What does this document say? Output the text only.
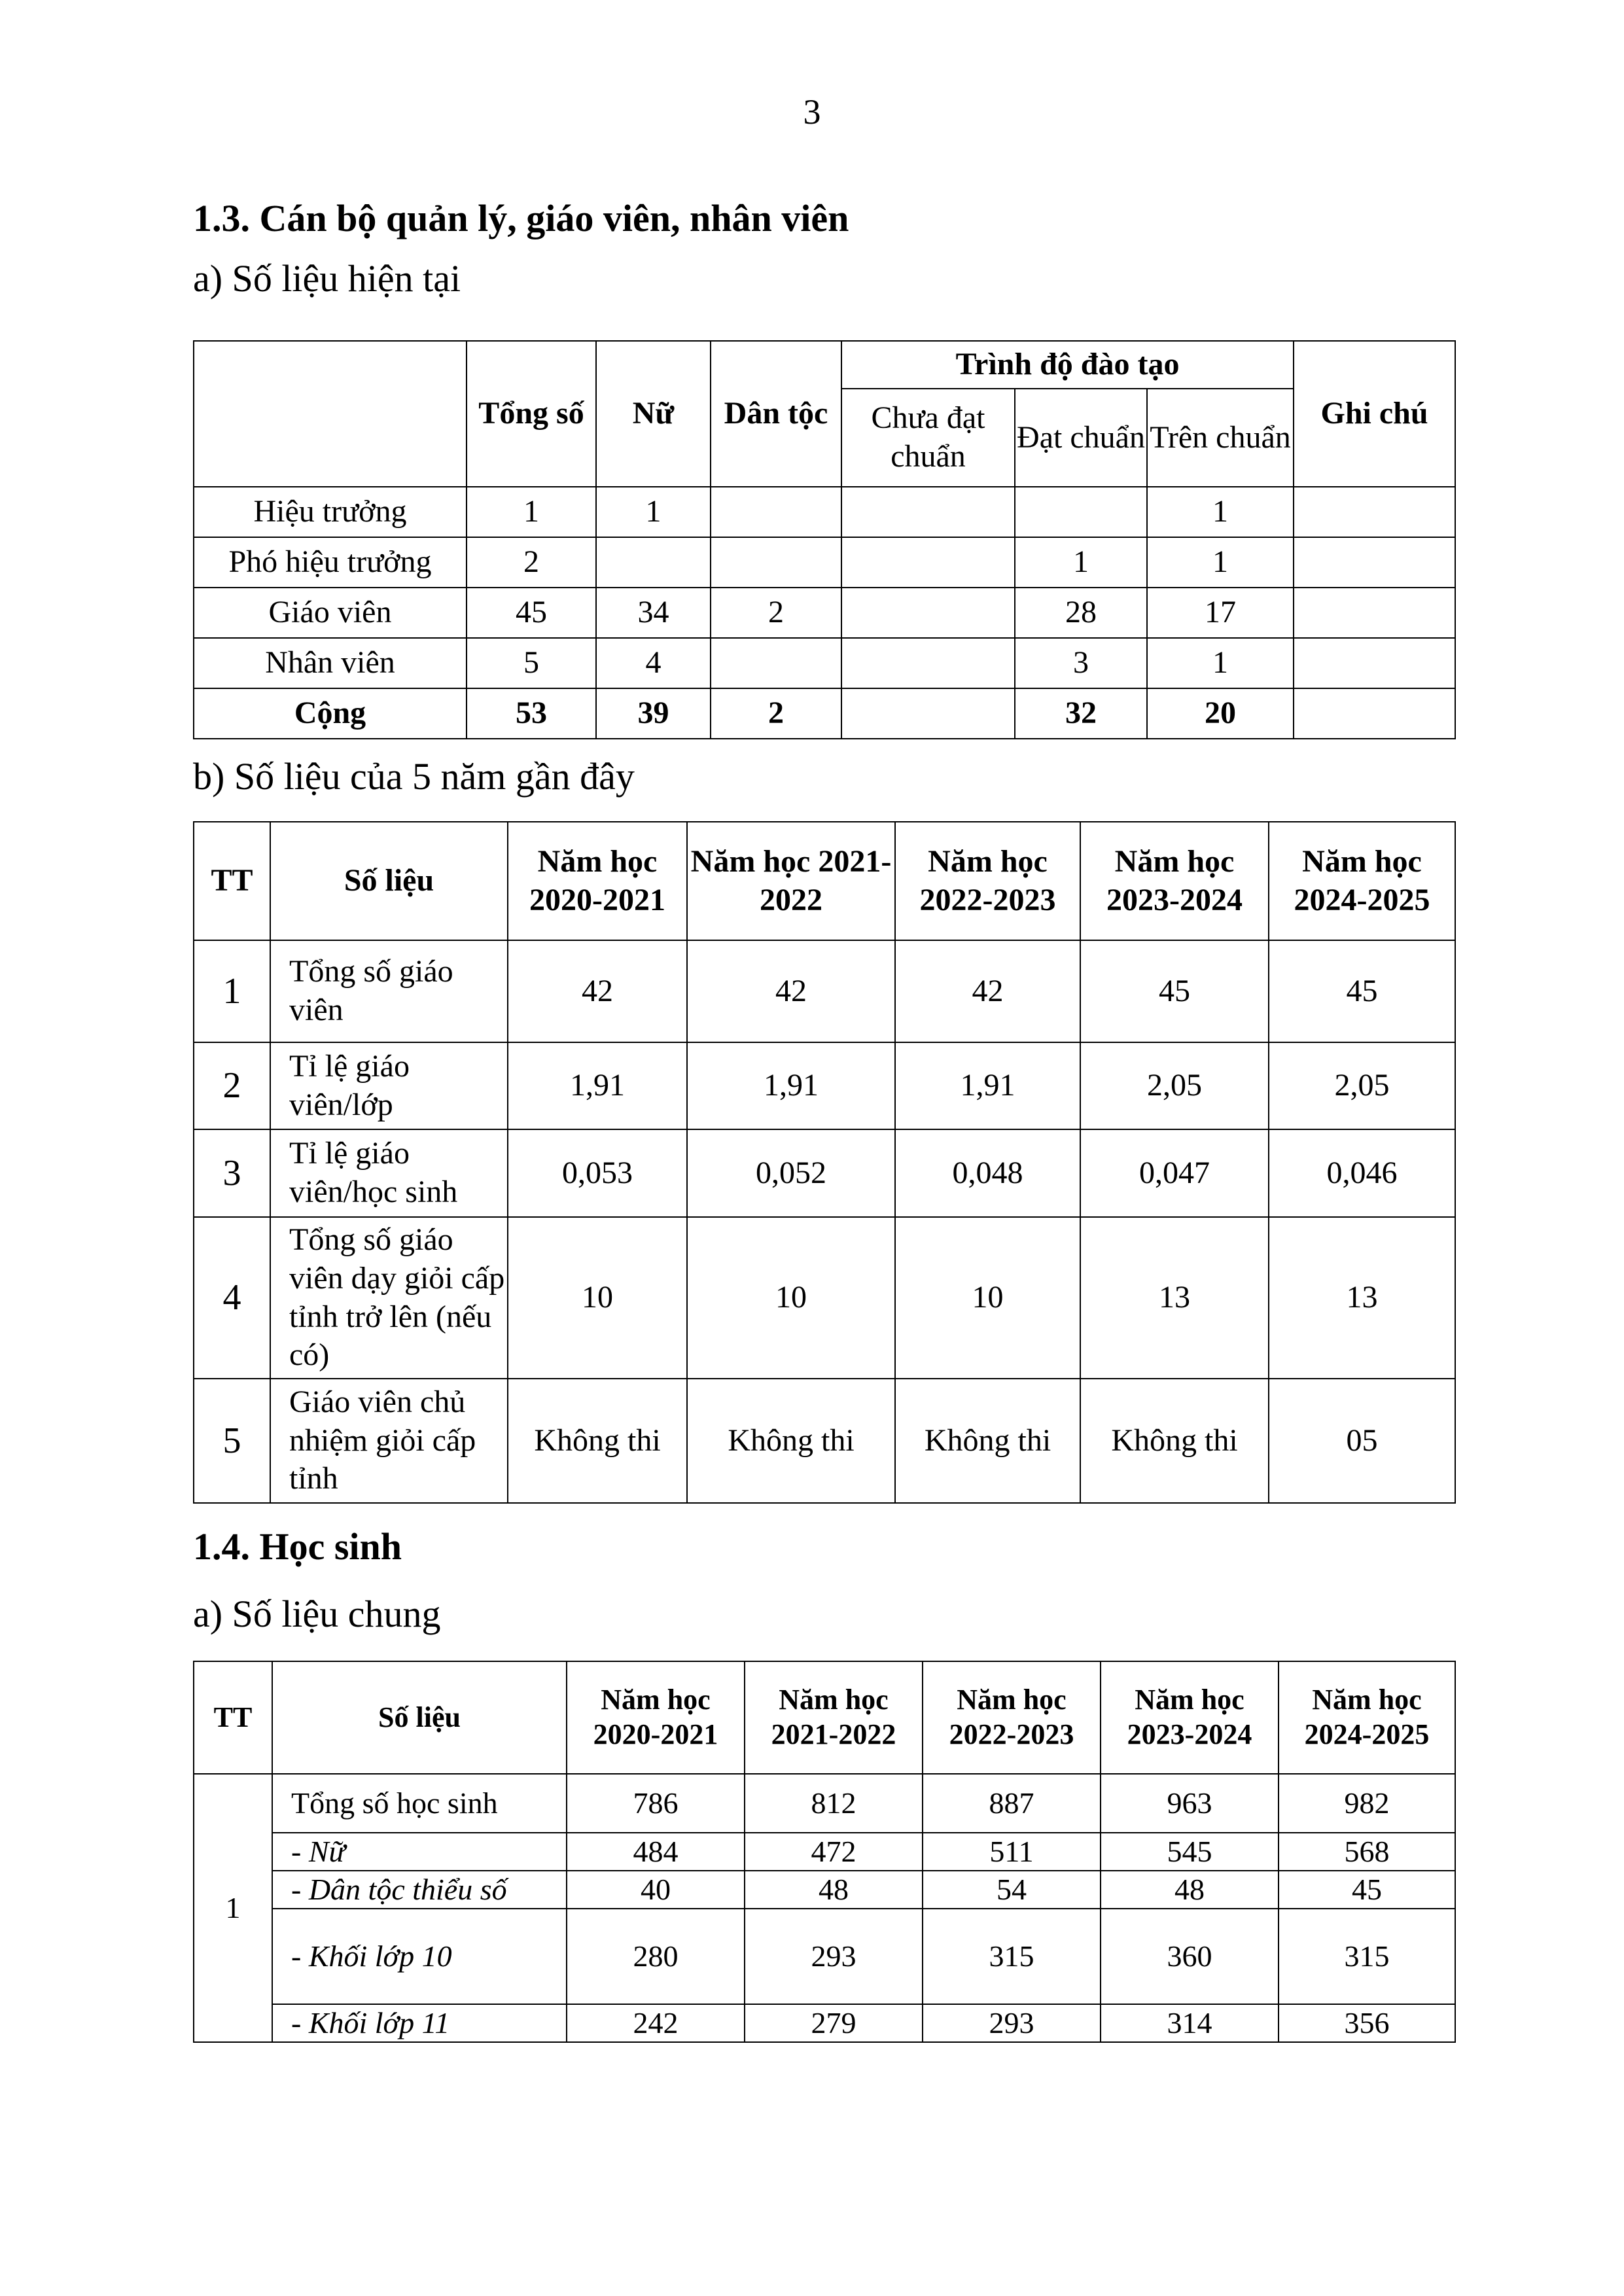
3
1.3. Cán bộ quản lý, giáo viên, nhân viên
a) Số liệu hiện tại
	Tổng số	Nữ	Dân tộc	Trình độ đào tạo			Ghi chú
				Chưa đạt chuẩn	Đạt chuẩn	Trên chuẩn	
Hiệu trưởng	1	1				1	
Phó hiệu trưởng	2				1	1	
Giáo viên	45	34	2		28	17	
Nhân viên	5	4			3	1	
Cộng	53	39	2		32	20	
b) Số liệu của 5 năm gần đây
TT	Số liệu	Năm học 2020-2021	Năm học 2021-2022	Năm học 2022-2023	Năm học 2023-2024	Năm học 2024-2025
1	Tổng số giáo viên	42	42	42	45	45
2	Tỉ lệ giáo viên/lớp	1,91	1,91	1,91	2,05	2,05
3	Tỉ lệ giáo viên/học sinh	0,053	0,052	0,048	0,047	0,046
4	Tổng số giáo viên dạy giỏi cấp tỉnh trở lên (nếu có)	10	10	10	13	13
5	Giáo viên chủ nhiệm giỏi cấp tỉnh	Không thi	Không thi	Không thi	Không thi	05
1.4. Học sinh
a) Số liệu chung
TT	Số liệu	Năm học 2020-2021	Năm học 2021-2022	Năm học 2022-2023	Năm học 2023-2024	Năm học 2024-2025
1	Tổng số học sinh	786	812	887	963	982
	- Nữ	484	472	511	545	568
	- Dân tộc thiểu số	40	48	54	48	45
	- Khối lớp 10	280	293	315	360	315
	- Khối lớp 11	242	279	293	314	356
